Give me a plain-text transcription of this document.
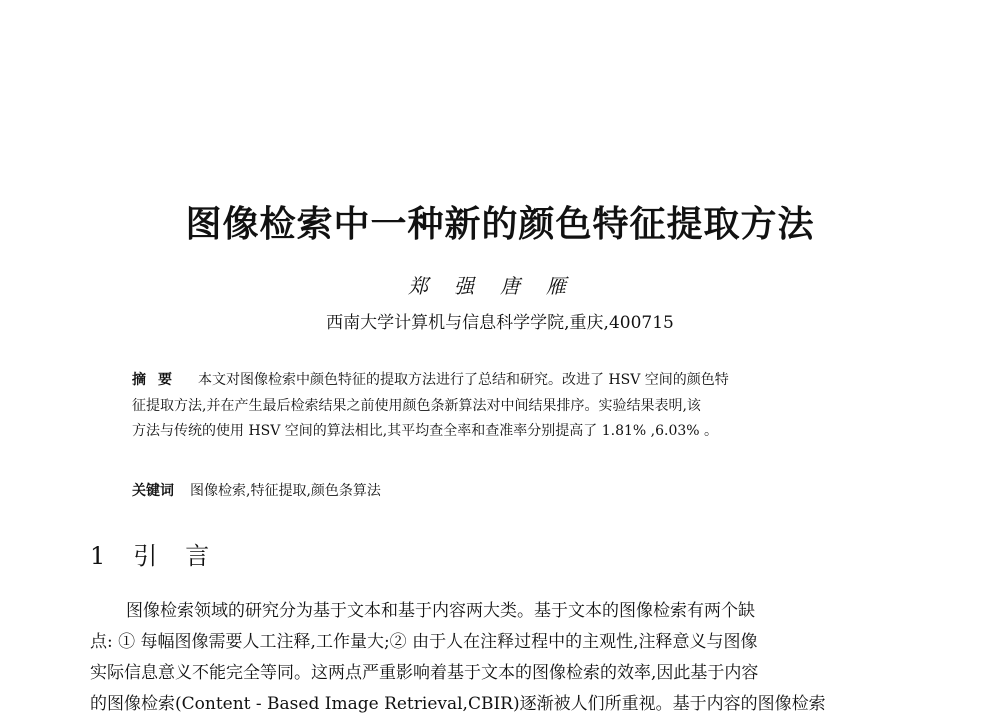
图像检索中一种新的颜色特征提取方法
郑强唐雁
西南大学计算机与信息科学学院,重庆,400715
摘要 本文对图像检索中颜色特征的提取方法进行了总结和研究。改进了 HSV 空间的颜色特
征提取方法,并在产生最后检索结果之前使用颜色条新算法对中间结果排序。实验结果表明,该
方法与传统的使用 HSV 空间的算法相比,其平均查全率和查准率分别提高了 1.81% ,6.03% 。
关键词 图像检索,特征提取,颜色条算法
1 引言
图像检索领域的研究分为基于文本和基于内容两大类。基于文本的图像检索有两个缺
点: ① 每幅图像需要人工注释,工作量大;② 由于人在注释过程中的主观性,注释意义与图像
实际信息意义不能完全等同。这两点严重影响着基于文本的图像检索的效率,因此基于内容
的图像检索(Content - Based Image Retrieval,CBIR)逐渐被人们所重视。基于内容的图像检索
